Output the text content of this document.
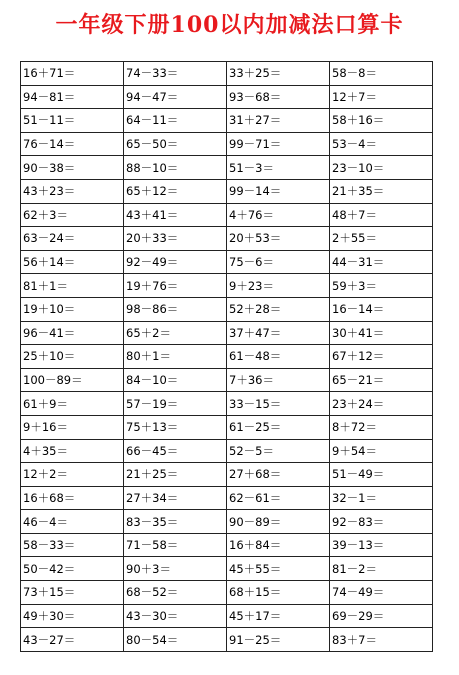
一年级下册100以内加减法口算卡
16＋71＝	74－33＝	33＋25＝	58－8＝
94－81＝	94－47＝	93－68＝	12＋7＝
51－11＝	64－11＝	31＋27＝	58＋16＝
76－14＝	65－50＝	99－71＝	53－4＝
90－38＝	88－10＝	51－3＝	23－10＝
43＋23＝	65＋12＝	99－14＝	21＋35＝
62＋3＝	43＋41＝	4＋76＝	48＋7＝
63－24＝	20＋33＝	20＋53＝	2＋55＝
56＋14＝	92－49＝	75－6＝	44－31＝
81＋1＝	19＋76＝	9＋23＝	59＋3＝
19＋10＝	98－86＝	52＋28＝	16－14＝
96－41＝	65＋2＝	37＋47＝	30＋41＝
25＋10＝	80＋1＝	61－48＝	67＋12＝
100－89＝	84－10＝	7＋36＝	65－21＝
61＋9＝	57－19＝	33－15＝	23＋24＝
9＋16＝	75＋13＝	61－25＝	8＋72＝
4＋35＝	66－45＝	52－5＝	9＋54＝
12＋2＝	21＋25＝	27＋68＝	51－49＝
16＋68＝	27＋34＝	62－61＝	32－1＝
46－4＝	83－35＝	90－89＝	92－83＝
58－33＝	71－58＝	16＋84＝	39－13＝
50－42＝	90＋3＝	45＋55＝	81－2＝
73＋15＝	68－52＝	68＋15＝	74－49＝
49＋30＝	43－30＝	45＋17＝	69－29＝
43－27＝	80－54＝	91－25＝	83＋7＝
